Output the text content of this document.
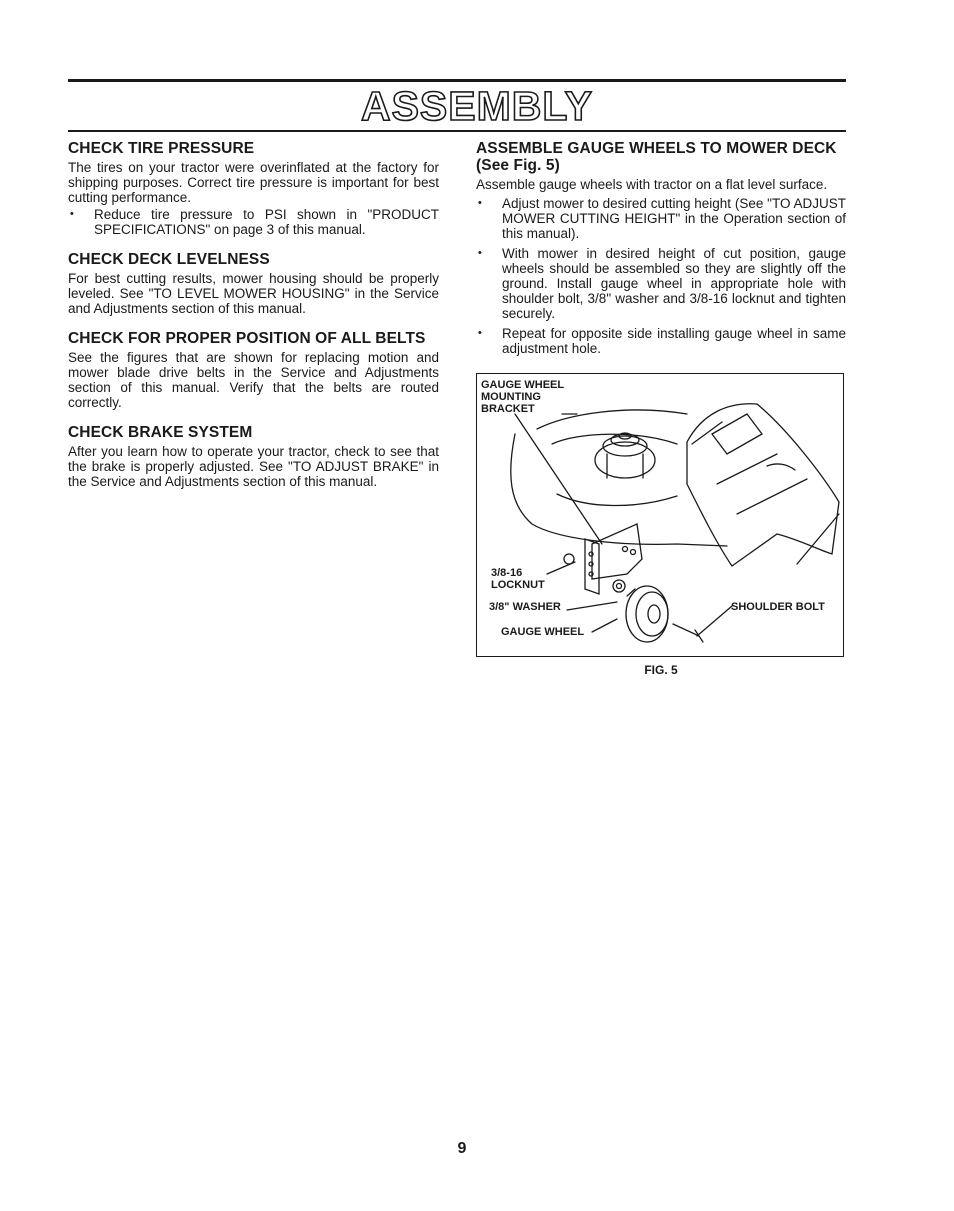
ASSEMBLY
CHECK TIRE PRESSURE

The tires on your tractor were overinflated at the factory for shipping purposes. Correct tire pressure is important for best cutting performance.

• Reduce tire pressure to PSI shown in "PRODUCT SPECIFICATIONS" on page 3 of this manual.
CHECK DECK LEVELNESS

For best cutting results, mower housing should be properly leveled. See "TO LEVEL MOWER HOUSING" in the Service and Adjustments section of this manual.

CHECK FOR PROPER POSITION OF ALL BELTS

See the figures that are shown for replacing motion and mower blade drive belts in the Service and Adjustments section of this manual. Verify that the belts are routed correctly.

CHECK BRAKE SYSTEM

After you learn how to operate your tractor, check to see that the brake is properly adjusted. See "TO ADJUST BRAKE" in the Service and Adjustments section of this manual.

ASSEMBLE GAUGE WHEELS TO MOWER DECK (See Fig. 5)

Assemble gauge wheels with tractor on a flat level surface.

• Adjust mower to desired cutting height (See "TO ADJUST MOWER CUTTING HEIGHT" in the Operation section of this manual).
• With mower in desired height of cut position, gauge wheels should be assembled so they are slightly off the ground. Install gauge wheel in appropriate hole with shoulder bolt, 3/8" washer and 3/8-16 locknut and tighten securely.
• Repeat for opposite side installing gauge wheel in same adjustment hole.
GAUGE WHEEL MOUNTING BRACKET
3/8-16 LOCKNUT
3/8" WASHER
GAUGE WHEEL
SHOULDER BOLT
FIG. 5
9
